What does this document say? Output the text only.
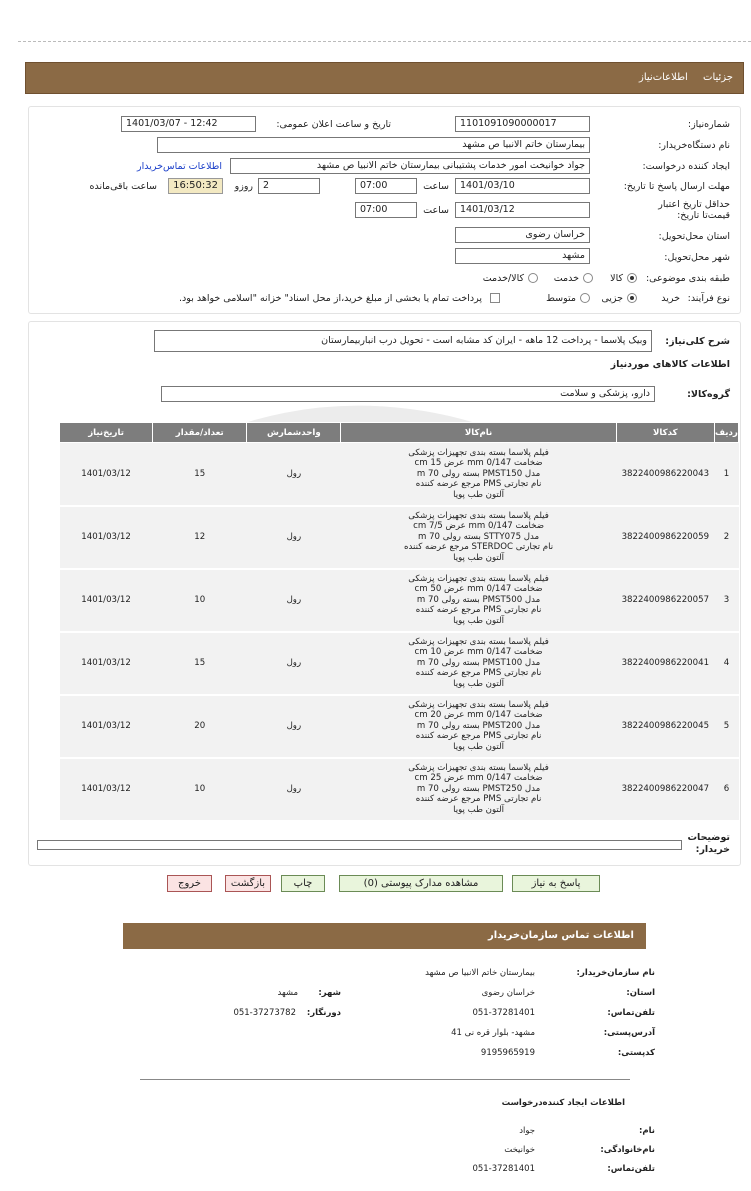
جزئیات اطلاعات‌نیاز
شماره‌نیاز:
1101091090000017
تاریخ و ساعت اعلان عمومی:
1401/03/07 - 12:42
نام دستگاه‌خریدار:
بیمارستان خاتم الانبیا ص مشهد
ایجاد کننده درخواست:
جواد خوانیخت امور خدمات پشتیبانی بیمارستان خاتم الانبیا ص مشهد
اطلاعات تماس‌خریدار
مهلت ارسال پاسخ تا تاریخ:
1401/03/10
ساعت
07:00
2
روزو
16:50:32
ساعت باقی‌مانده
حداقل تاریخ اعتبار قیمت‌تا تاریخ:
1401/03/12
ساعت
07:00
استان محل‌تحویل:
خراسان رضوی
شهر محل‌تحویل:
مشهد
طبقه بندی موضوعی:
کالا
خدمت
کالا/خدمت
نوع فرآیند:
خرید
جزیی
متوسط
پرداخت تمام یا بخشی از مبلغ خرید،از محل اسناد" خزانه "اسلامی خواهد بود.
شرح کلی‌نیاز:
وبیک پلاسما - پرداخت 12 ماهه - ایران کد مشابه است - تحویل درب انباربیمارستان
اطلاعات کالاهای موردنیاز
گروه‌کالا:
دارو، پزشکی و سلامت
ردیف	کدکالا	نام‌کالا	واحدشمارش	تعداد/مقدار	تاریخ‌نیاز
1	3822400986220043	فیلم پلاسما بسته بندی تجهیزات پزشکی
ضخامت 0/147 mm عرض 15 cm
مدل PMST150 بسته رولی 70 m
نام تجارتی PMS مرجع عرضه کننده
آلتون طب پویا	رول	15	1401/03/12
2	3822400986220059	فیلم پلاسما بسته بندی تجهیزات پزشکی
ضخامت 0/147 mm عرض 7/5 cm
مدل STTY075 بسته رولی 70 m
نام تجارتی STERDOC مرجع عرضه کننده
آلتون طب پویا	رول	12	1401/03/12
3	3822400986220057	فیلم پلاسما بسته بندی تجهیزات پزشکی
ضخامت 0/147 mm عرض 50 cm
مدل PMST500 بسته رولی 70 m
نام تجارتی PMS مرجع عرضه کننده
آلتون طب پویا	رول	10	1401/03/12
4	3822400986220041	فیلم پلاسما بسته بندی تجهیزات پزشکی
ضخامت 0/147 mm عرض 10 cm
مدل PMST100 بسته رولی 70 m
نام تجارتی PMS مرجع عرضه کننده
آلتون طب پویا	رول	15	1401/03/12
5	3822400986220045	فیلم پلاسما بسته بندی تجهیزات پزشکی
ضخامت 0/147 mm عرض 20 cm
مدل PMST200 بسته رولی 70 m
نام تجارتی PMS مرجع عرضه کننده
آلتون طب پویا	رول	20	1401/03/12
6	3822400986220047	فیلم پلاسما بسته بندی تجهیزات پزشکی
ضخامت 0/147 mm عرض 25 cm
مدل PMST250 بسته رولی 70 m
نام تجارتی PMS مرجع عرضه کننده
آلتون طب پویا	رول	10	1401/03/12
توضیحات خریدار:
پاسخ به نیاز
مشاهده مدارک پیوستی (0)
چاپ
بازگشت
خروج
اطلاعات تماس سازمان‌خریدار
نام سازمان‌خریدار:
بیمارستان خاتم الانبیا ص مشهد
استان:
خراسان رضوی
شهر:
مشهد
تلفن‌تماس:
051-37281401
دورنگار:
051-37273782
آدرس‌پستی:
مشهد- بلوار قره نی 41
کدپستی:
9195965919
اطلاعات ایجاد کننده‌درخواست
نام:
جواد
نام‌خانوادگی:
خوانیخت
تلفن‌تماس:
051-37281401
